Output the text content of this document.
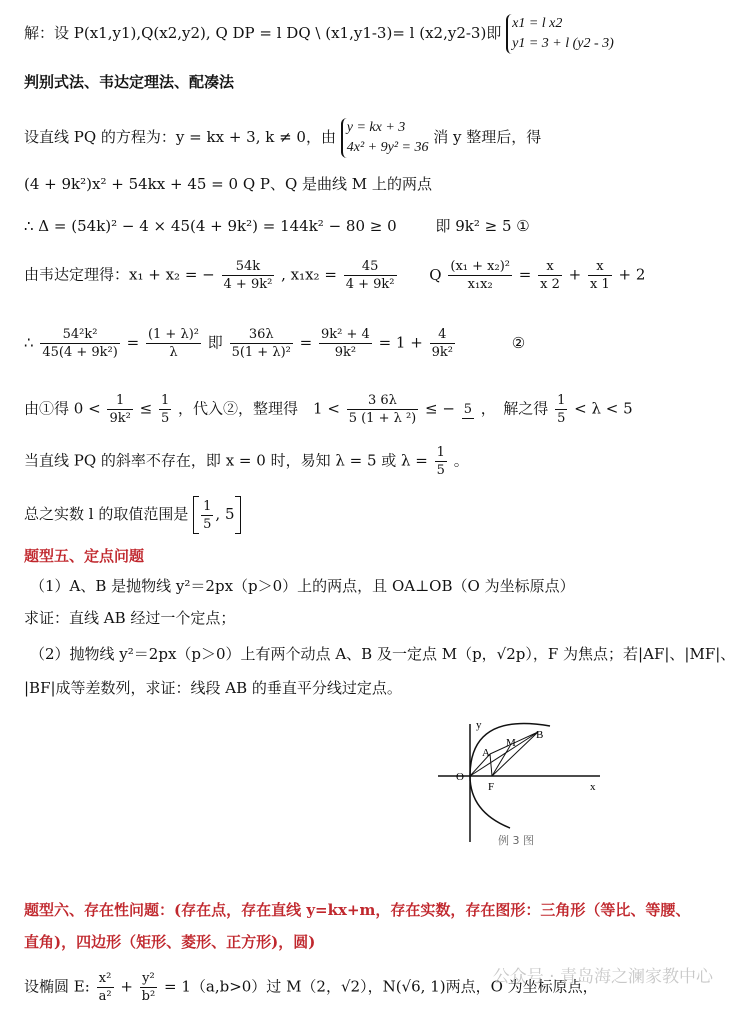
解：设 P(x1,y1),Q(x2,y2), Q DP = l DQ \ (x1,y1-3)= l (x2,y2-3)即
x1 = l x2
y1 = 3 + l (y2 - 3)
判别式法、韦达定理法、配凑法
设直线 PQ 的方程为：y = kx + 3, k ≠ 0，由
y = kx + 3
4x² + 9y² = 36
消 y 整理后，得
(4 + 9k²)x² + 54kx + 45 = 0 Q P、Q 是曲线 M 上的两点
∴ Δ = (54k)² − 4 × 45(4 + 9k²) = 144k² − 80 ≥ 0	即 9k² ≥ 5 ①
由韦达定理得：x₁ + x₂ = − $\frac{54k}{\text{4 + 9k²}}$ , $x_1x_2 = \frac{45}{\text{4 + 9k²}}$ Q $\frac{\text{(x₁ + x₂)²}}{\text{x₁x₂}} = \frac{x}{x 2} + \frac{x}{x 1} + 2$
∴ $\frac{\text{54²k²}}{\text{45(4 + 9k²)}} = \frac{\text{(1 + λ)²}}{\lambda}$ 即 $\frac{36\lambda}{\text{5(1 + λ)²}} = \frac{\text{9k² + 4}}{\text{9k²}} = 1 + \frac{4}{\text{9k²}}$	②
由①得 $0 < \frac{1}{\text{9k²}} \le \frac{1}{5}$ ，代入②，整理得　$1 < \frac{3 6\lambda}{\text{5 (1 + λ ²)}}$ ≤ − 5 ，　解之得 $\frac{1}{5} < \lambda < 5$
当直线 PQ 的斜率不存在，即 x = 0 时，易知 λ = 5 或 $\lambda = \frac{1}{5}$ 。
总之实数 l 的取值范围是 $\frac{1}{5}$ , 5
题型五、定点问题
（1）A、B 是抛物线 y²＝2px（p＞0）上的两点，且 OA⊥OB（O 为坐标原点）
求证：直线 AB 经过一个定点；
（2）抛物线 y²＝2px（p＞0）上有两个动点 A、B 及一定点 M（p，√2p），F 为焦点；若|AF|、|MF|、
|BF|成等差数列，求证：线段 AB 的垂直平分线过定点。
y
x
O
A
M
B
F
例 3 图
题型六、存在性问题：(存在点，存在直线 y=kx+m，存在实数，存在图形：三角形（等比、等腰、
直角)，四边形（矩形、菱形、正方形)，圆)
设椭圆 E: $\frac{\text{x²}}{\text{a²}} + \frac{\text{y²}}{\text{b²}} = 1(a,b>0)$过 M（2，√2），N(√6, 1)两点，O 为坐标原点，
公众号 · 青岛海之澜家教中心
